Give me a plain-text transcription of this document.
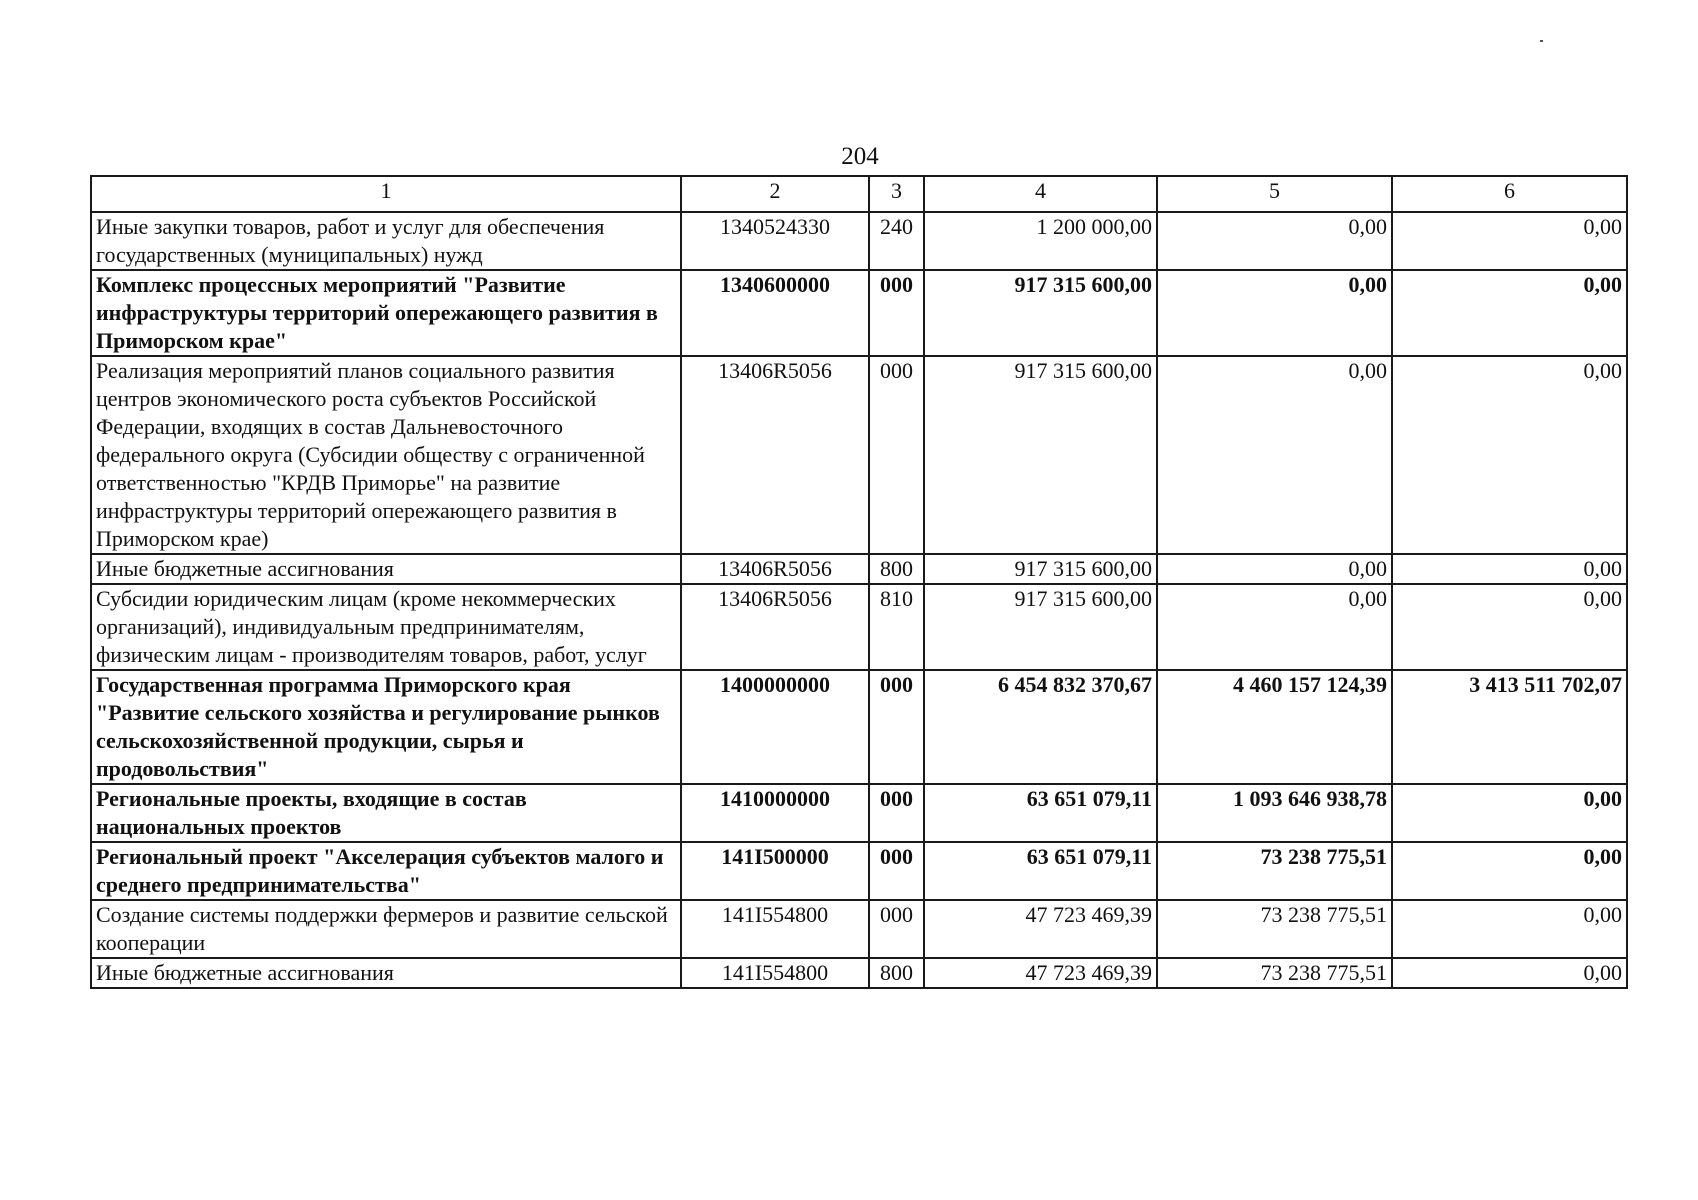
204
1	2	3	4	5	6
Иные закупки товаров, работ и услуг для обеспечения государственных (муниципальных) нужд	1340524330	240	1 200 000,00	0,00	0,00
Комплекс процессных мероприятий "Развитие инфраструктуры территорий опережающего развития в Приморском крае"	1340600000	000	917 315 600,00	0,00	0,00
Реализация мероприятий планов социального развития центров экономического роста субъектов Российской Федерации, входящих в состав Дальневосточного федерального округа (Субсидии обществу с ограниченной ответственностью "КРДВ Приморье" на развитие инфраструктуры территорий опережающего развития в Приморском крае)	13406R5056	000	917 315 600,00	0,00	0,00
Иные бюджетные ассигнования	13406R5056	800	917 315 600,00	0,00	0,00
Субсидии юридическим лицам (кроме некоммерческих организаций), индивидуальным предпринимателям, физическим лицам - производителям товаров, работ, услуг	13406R5056	810	917 315 600,00	0,00	0,00
Государственная программа Приморского края "Развитие сельского хозяйства и регулирование рынков сельскохозяйственной продукции, сырья и продовольствия"	1400000000	000	6 454 832 370,67	4 460 157 124,39	3 413 511 702,07
Региональные проекты, входящие в состав национальных проектов	1410000000	000	63 651 079,11	1 093 646 938,78	0,00
Региональный проект "Акселерация субъектов малого и среднего предпринимательства"	141I500000	000	63 651 079,11	73 238 775,51	0,00
Создание системы поддержки фермеров и развитие сельской кооперации	141I554800	000	47 723 469,39	73 238 775,51	0,00
Иные бюджетные ассигнования	141I554800	800	47 723 469,39	73 238 775,51	0,00
